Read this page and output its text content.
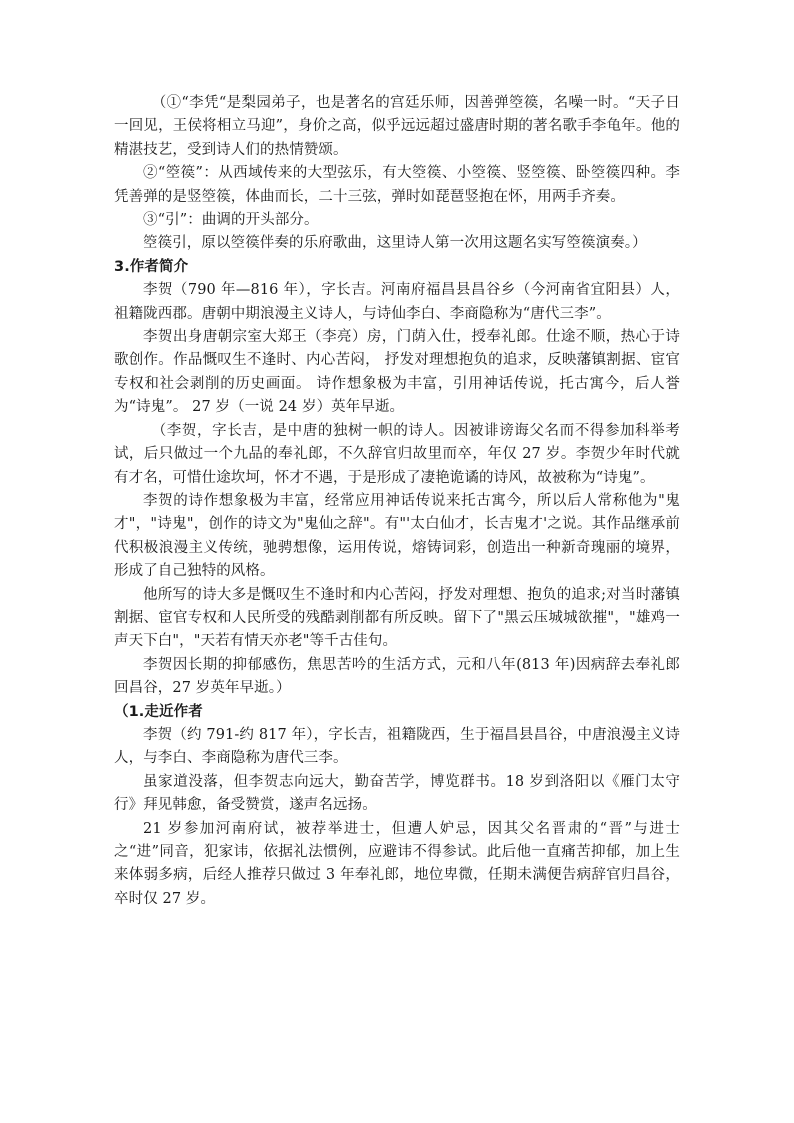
（①“李凭“是梨园弟子，也是著名的宫廷乐师，因善弹箜篌，名噪一时。“天子日一回见，王侯将相立马迎”，身价之高，似乎远远超过盛唐时期的著名歌手李龟年。他的精湛技艺，受到诗人们的热情赞颂。

②“箜篌”：从西域传来的大型弦乐，有大箜篌、小箜篌、竖箜篌、卧箜篌四种。李凭善弹的是竖箜篌，体曲而长，二十三弦，弹时如琵琶竖抱在怀，用两手齐奏。

③“引”：曲调的开头部分。

箜篌引，原以箜篌伴奏的乐府歌曲，这里诗人第一次用这题名实写箜篌演奏。）

3.作者简介

李贺（790 年—816 年），字长吉。河南府福昌县昌谷乡（今河南省宜阳县）人，祖籍陇西郡。唐朝中期浪漫主义诗人，与诗仙李白、李商隐称为“唐代三李”。

李贺出身唐朝宗室大郑王（李亮）房，门荫入仕，授奉礼郎。仕途不顺，热心于诗歌创作。作品慨叹生不逢时、内心苦闷， 抒发对理想抱负的追求，反映藩镇割据、宦官专权和社会剥削的历史画面。 诗作想象极为丰富，引用神话传说，托古寓今，后人誉为“诗鬼”。 27 岁（一说 24 岁）英年早逝。

（李贺，字长吉，是中唐的独树一帜的诗人。因被诽谤诲父名而不得参加科举考试，后只做过一个九品的奉礼郎，不久辞官归故里而卒，年仅 27 岁。李贺少年时代就有才名，可惜仕途坎坷，怀才不遇，于是形成了凄艳诡谲的诗风，故被称为“诗鬼”。

李贺的诗作想象极为丰富，经常应用神话传说来托古寓今，所以后人常称他为"鬼才"，"诗鬼"，创作的诗文为"鬼仙之辞"。有"'太白仙才，长吉鬼才'之说。其作品继承前代积极浪漫主义传统，驰骋想像，运用传说，熔铸词彩，创造出一种新奇瑰丽的境界，形成了自己独特的风格。

他所写的诗大多是慨叹生不逢时和内心苦闷，抒发对理想、抱负的追求;对当时藩镇割据、宦官专权和人民所受的残酷剥削都有所反映。留下了"黑云压城城欲摧"，"雄鸡一声天下白"，"天若有情天亦老"等千古佳句。

李贺因长期的抑郁感伤，焦思苦吟的生活方式，元和八年(813 年)因病辞去奉礼郎回昌谷，27 岁英年早逝。）

（1.走近作者

李贺（约 791-约 817 年），字长吉，祖籍陇西，生于福昌县昌谷，中唐浪漫主义诗人，与李白、李商隐称为唐代三李。

虽家道没落，但李贺志向远大，勤奋苦学，博览群书。18 岁到洛阳以《雁门太守行》拜见韩愈，备受赞赏，遂声名远扬。

21 岁参加河南府试，被荐举进士，但遭人妒忌，因其父名晋肃的“晋”与进士之“进”同音，犯家讳，依据礼法惯例，应避讳不得参试。此后他一直痛苦抑郁，加上生来体弱多病，后经人推荐只做过 3 年奉礼郎，地位卑微，任期未满便告病辞官归昌谷，卒时仅 27 岁。
